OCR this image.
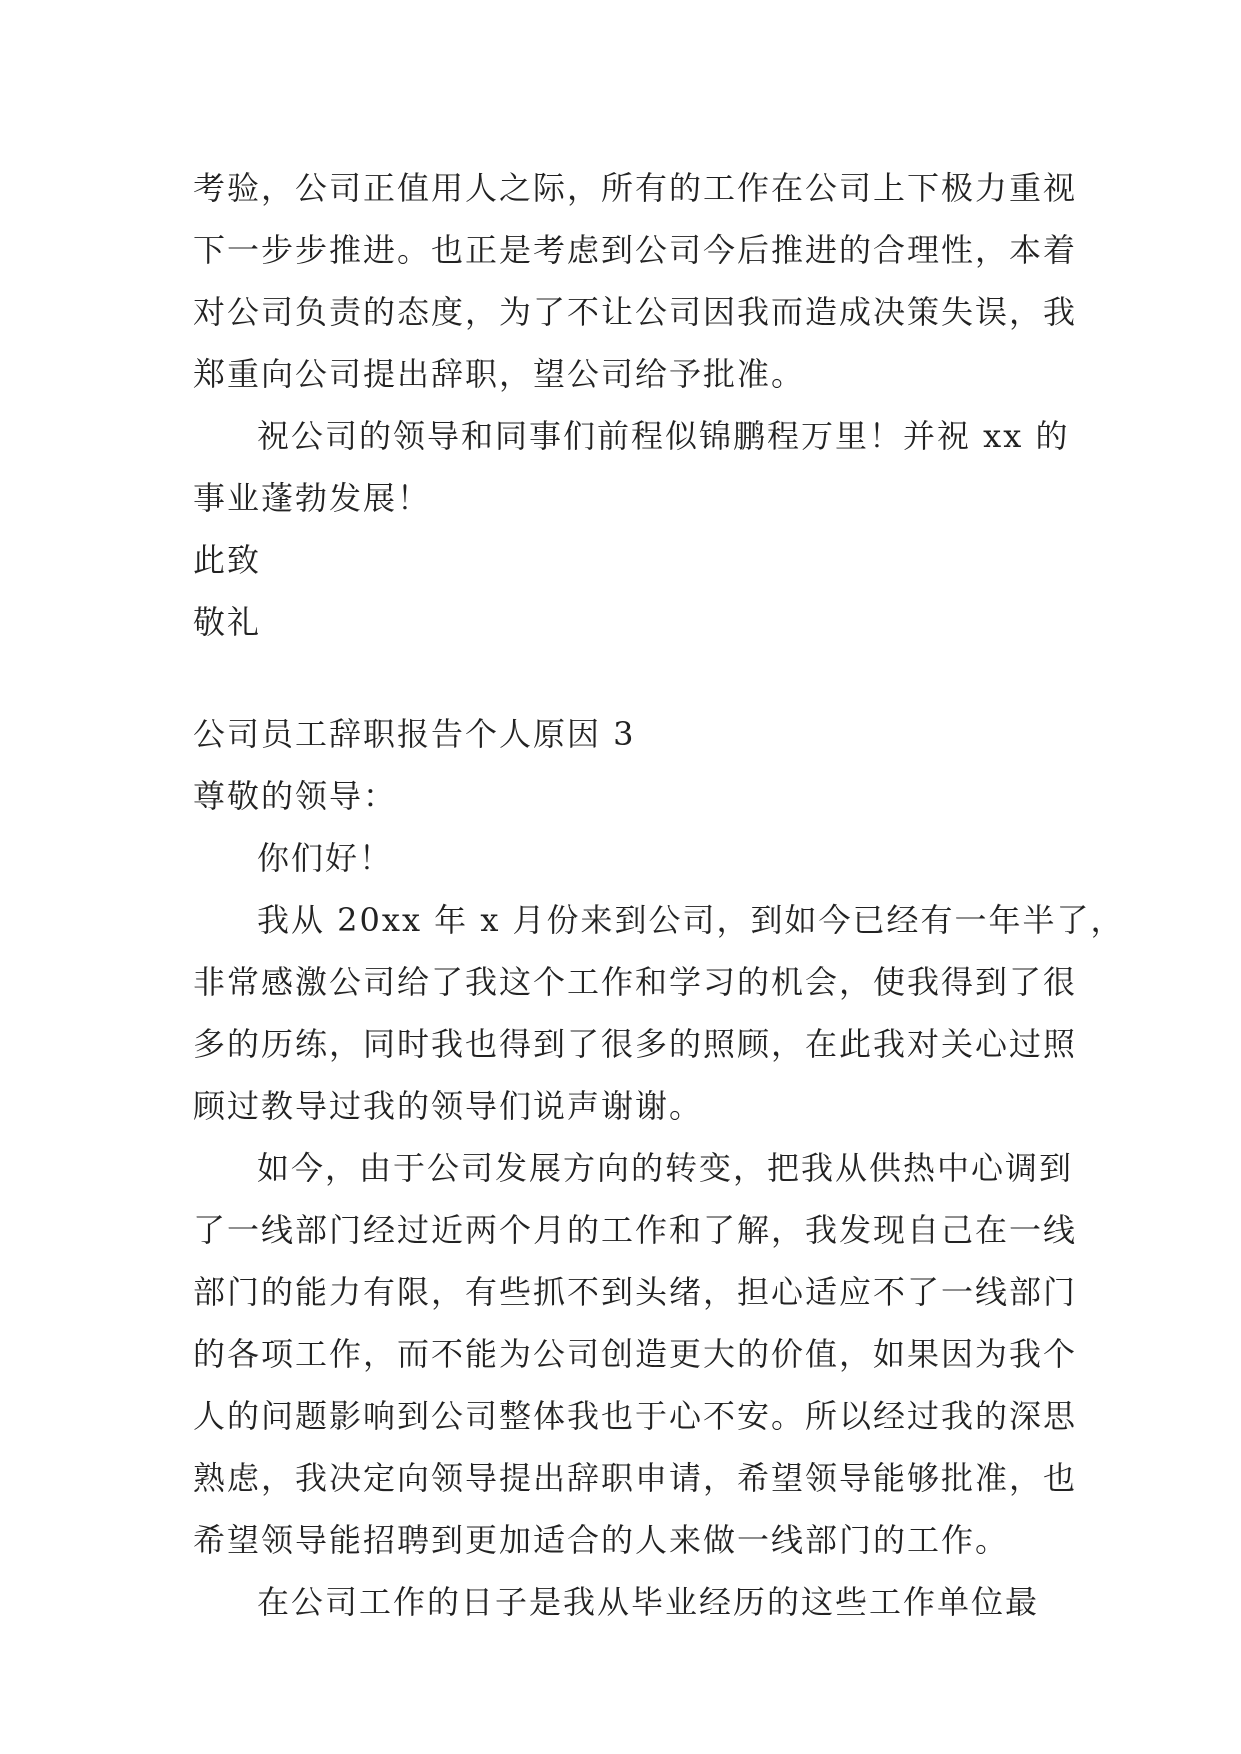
考验，公司正值用人之际，所有的工作在公司上下极力重视
下一步步推进。也正是考虑到公司今后推进的合理性，本着
对公司负责的态度，为了不让公司因我而造成决策失误，我
郑重向公司提出辞职，望公司给予批准。
祝公司的领导和同事们前程似锦鹏程万里！并祝 xx 的
事业蓬勃发展！
此致
敬礼
公司员工辞职报告个人原因 3
尊敬的领导：
你们好！
我从 20xx 年 x 月份来到公司，到如今已经有一年半了，
非常感激公司给了我这个工作和学习的机会，使我得到了很
多的历练，同时我也得到了很多的照顾，在此我对关心过照
顾过教导过我的领导们说声谢谢。
如今，由于公司发展方向的转变，把我从供热中心调到
了一线部门经过近两个月的工作和了解，我发现自己在一线
部门的能力有限，有些抓不到头绪，担心适应不了一线部门
的各项工作，而不能为公司创造更大的价值，如果因为我个
人的问题影响到公司整体我也于心不安。所以经过我的深思
熟虑，我决定向领导提出辞职申请，希望领导能够批准，也
希望领导能招聘到更加适合的人来做一线部门的工作。
在公司工作的日子是我从毕业经历的这些工作单位最
